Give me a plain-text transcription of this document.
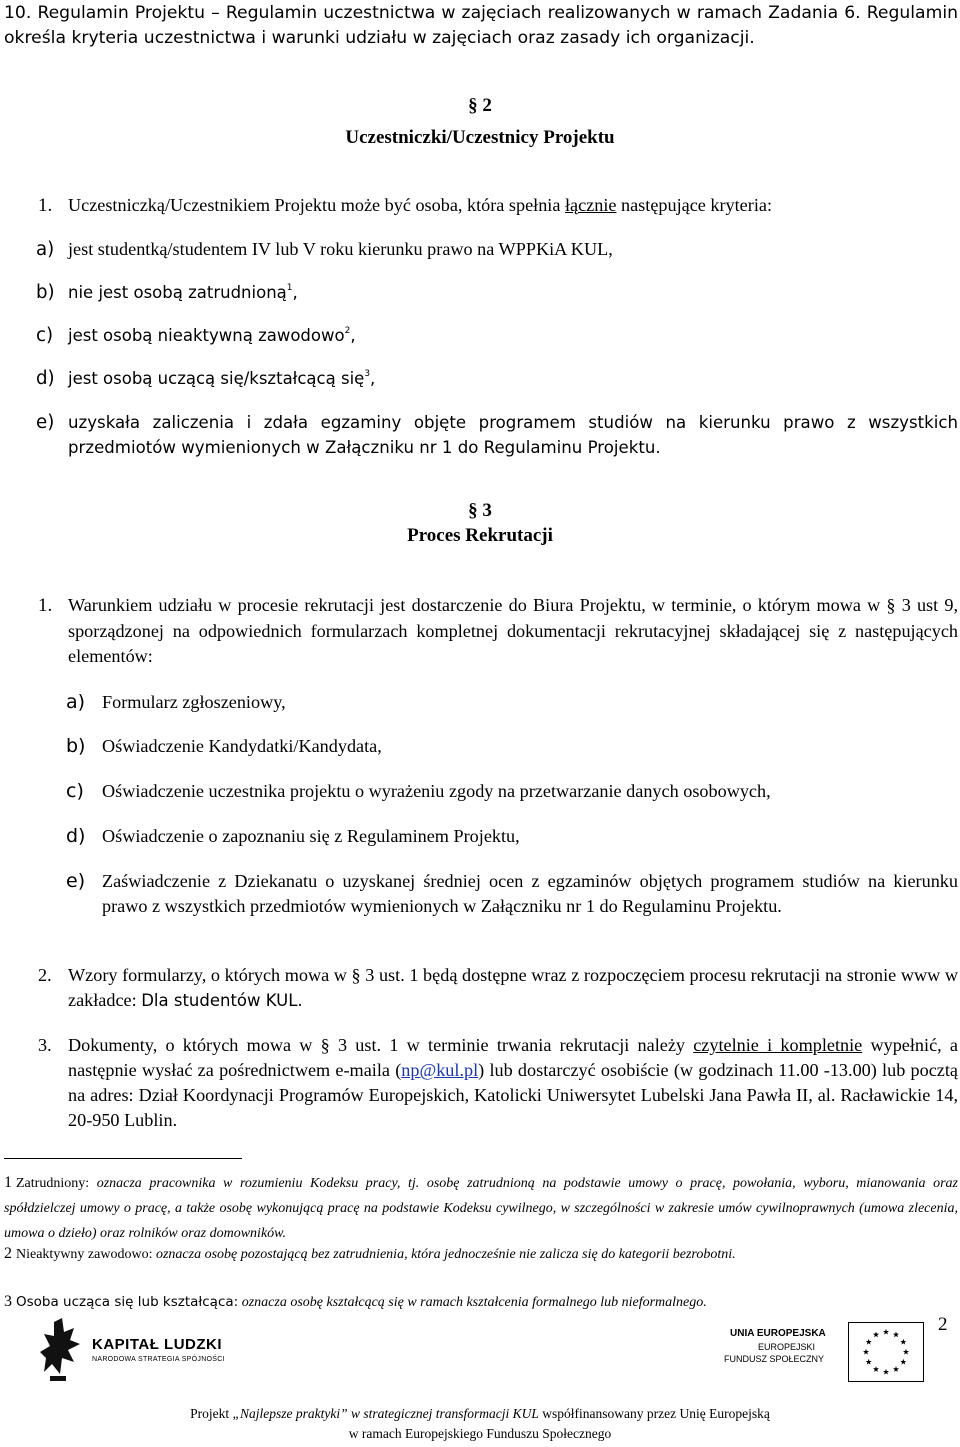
10. Regulamin Projektu – Regulamin uczestnictwa w zajęciach realizowanych w ramach Zadania 6. Regulamin określa kryteria uczestnictwa i warunki udziału w zajęciach oraz zasady ich organizacji.
§ 2
Uczestniczki/Uczestnicy Projektu
1. Uczestniczką/Uczestnikiem Projektu może być osoba, która spełnia łącznie następujące kryteria:
a) jest studentką/studentem IV lub V roku kierunku prawo na WPPKiA KUL,
b) nie jest osobą zatrudnioną$^1$,
c) jest osobą nieaktywną zawodowo$^2$,
d) jest osobą uczącą się/kształcącą się$^3$,
e) uzyskała zaliczenia i zdała egzaminy objęte programem studiów na kierunku prawo z wszystkich przedmiotów wymienionych w Załączniku nr 1 do Regulaminu Projektu.
§ 3
Proces Rekrutacji
1. Warunkiem udziału w procesie rekrutacji jest dostarczenie do Biura Projektu, w terminie, o którym mowa w § 3 ust 9, sporządzonej na odpowiednich formularzach kompletnej dokumentacji rekrutacyjnej składającej się z następujących elementów:
a) Formularz zgłoszeniowy,
b) Oświadczenie Kandydatki/Kandydata,
c) Oświadczenie uczestnika projektu o wyrażeniu zgody na przetwarzanie danych osobowych,
d) Oświadczenie o zapoznaniu się z Regulaminem Projektu,
e) Zaświadczenie z Dziekanatu o uzyskanej średniej ocen z egzaminów objętych programem studiów na kierunku prawo z wszystkich przedmiotów wymienionych w Załączniku nr 1 do Regulaminu Projektu.
2. Wzory formularzy, o których mowa w § 3 ust. 1 będą dostępne wraz z rozpoczęciem procesu rekrutacji na stronie www w zakładce: Dla studentów KUL.
3. Dokumenty, o których mowa w § 3 ust. 1 w terminie trwania rekrutacji należy czytelnie i kompletnie wypełnić, a następnie wysłać za pośrednictwem e-maila (np@kul.pl) lub dostarczyć osobiście (w godzinach 11.00 -13.00) lub pocztą na adres: Dział Koordynacji Programów Europejskich, Katolicki Uniwersytet Lubelski Jana Pawła II, al. Racławickie 14, 20-950 Lublin.
1 Zatrudniony: oznacza pracownika w rozumieniu Kodeksu pracy, tj. osobę zatrudnioną na podstawie umowy o pracę, powołania, wyboru, mianowania oraz spółdzielczej umowy o pracę, a także osobę wykonującą pracę na podstawie Kodeksu cywilnego, w szczególności w zakresie umów cywilnoprawnych (umowa zlecenia, umowa o dzieło) oraz rolników oraz domowników.
2 Nieaktywny zawodowo: oznacza osobę pozostającą bez zatrudnienia, która jednocześnie nie zalicza się do kategorii bezrobotni.
3 Osoba ucząca się lub kształcąca: oznacza osobę kształcącą się w ramach kształcenia formalnego lub nieformalnego.
2
KAPITAŁ LUDZKI
NARODOWA STRATEGIA SPÓJNOŚCI
UNIA EUROPEJSKA
EUROPEJSKI
FUNDUSZ SPOŁECZNY
Projekt „Najlepsze praktyki” w strategicznej transformacji KUL współfinansowany przez Unię Europejską
w ramach Europejskiego Funduszu Społecznego
